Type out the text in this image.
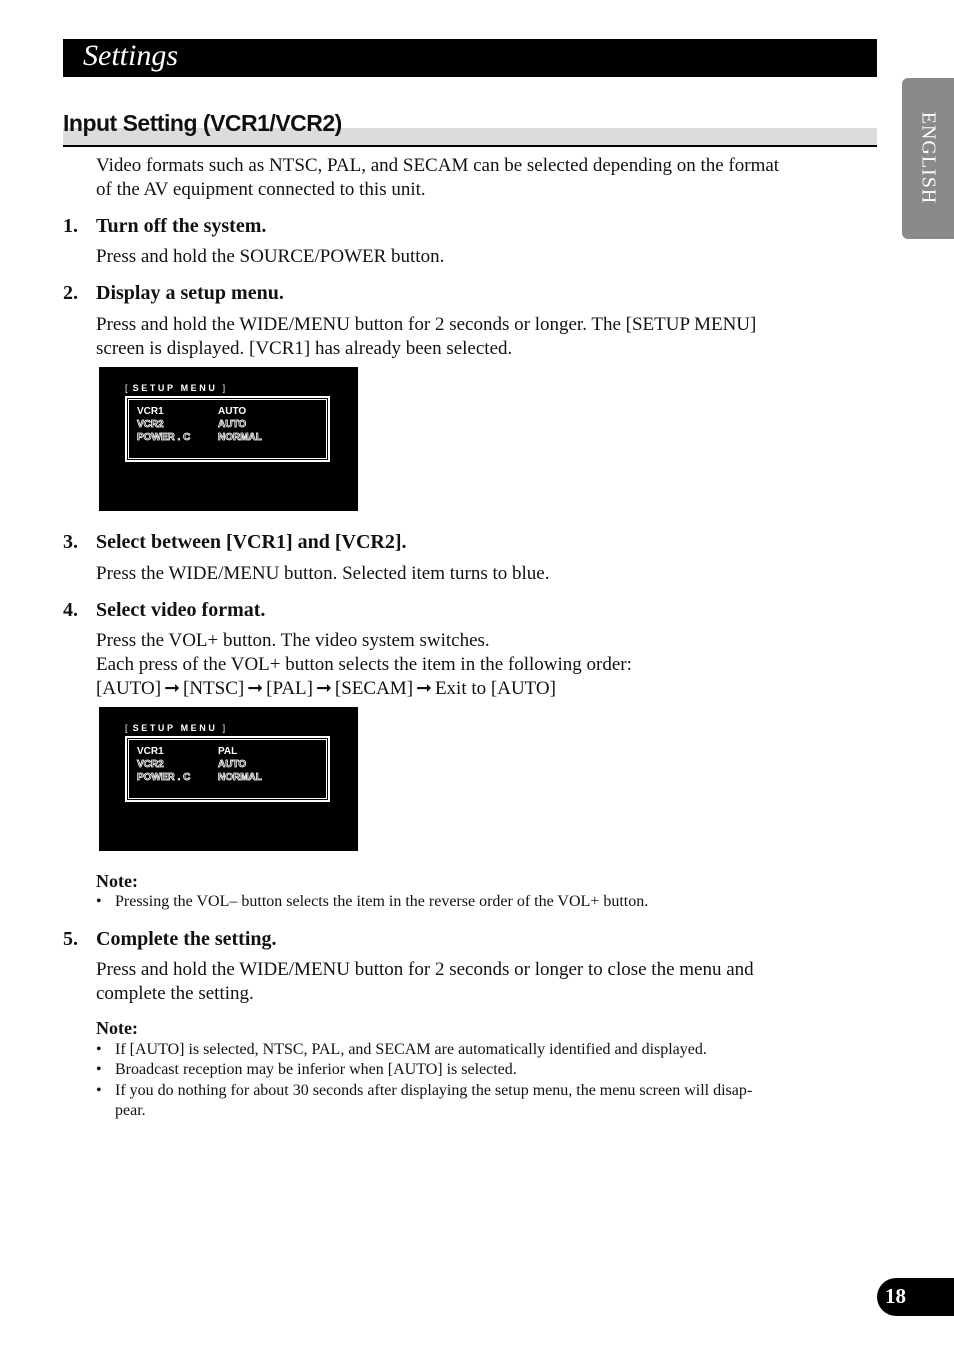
Settings
ENGLISH
Input Setting (VCR1/VCR2)
Video formats such as NTSC, PAL, and SECAM can be selected depending on the format
of the AV equipment connected to this unit.
1. Turn off the system.
Press and hold the SOURCE/POWER button.
2. Display a setup menu.
Press and hold the WIDE/MENU button for 2 seconds or longer. The [SETUP MENU]
screen is displayed. [VCR1] has already been selected.
[ SETUP MENU ]
VCR1	AUTO
VCR2	AUTO
POWER . C	NORMAL
3. Select between [VCR1] and [VCR2].
Press the WIDE/MENU button. Selected item turns to blue.
4. Select video format.
Press the VOL+ button. The video system switches.
Each press of the VOL+ button selects the item in the following order:
[AUTO] ➞ [NTSC] ➞ [PAL] ➞ [SECAM] ➞ Exit to [AUTO]
[ SETUP MENU ]
VCR1	PAL
VCR2	AUTO
POWER . C	NORMAL
Note:
• Pressing the VOL– button selects the item in the reverse order of the VOL+ button.
5. Complete the setting.
Press and hold the WIDE/MENU button for 2 seconds or longer to close the menu and
complete the setting.
Note:
• If [AUTO] is selected, NTSC, PAL, and SECAM are automatically identified and displayed.
• Broadcast reception may be inferior when [AUTO] is selected.
• If you do nothing for about 30 seconds after displaying the setup menu, the menu screen will disap-
pear.
18
